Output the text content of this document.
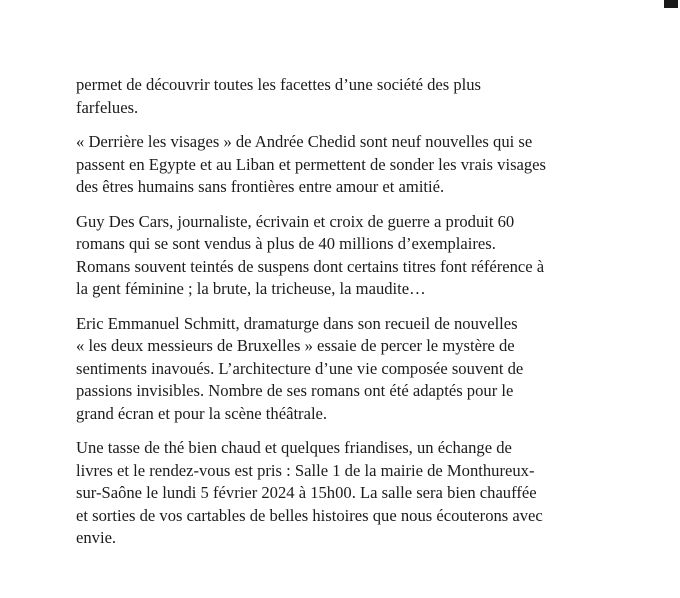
permet de découvrir toutes les facettes d’une société des plus
farfelues.

« Derrière les visages » de Andrée Chedid sont neuf nouvelles qui se
passent en Egypte et au Liban et permettent de sonder les vrais visages
des êtres humains sans frontières entre amour et amitié.

Guy Des Cars, journaliste, écrivain et croix de guerre a produit 60
romans qui se sont vendus à plus de 40 millions d’exemplaires.
Romans souvent teintés de suspens dont certains titres font référence à
la gent féminine ; la brute, la tricheuse, la maudite…

Eric Emmanuel Schmitt, dramaturge dans son recueil de nouvelles
« les deux messieurs de Bruxelles » essaie de percer le mystère de
sentiments inavoués. L’architecture d’une vie composée souvent de
passions invisibles. Nombre de ses romans ont été adaptés pour le
grand écran et pour la scène théâtrale.

Une tasse de thé bien chaud et quelques friandises, un échange de
livres et le rendez-vous est pris : Salle 1 de la mairie de Monthureux-
sur-Saône le lundi 5 février 2024 à 15h00. La salle sera bien chauffée
et sorties de vos cartables de belles histoires que nous écouterons avec
envie.
